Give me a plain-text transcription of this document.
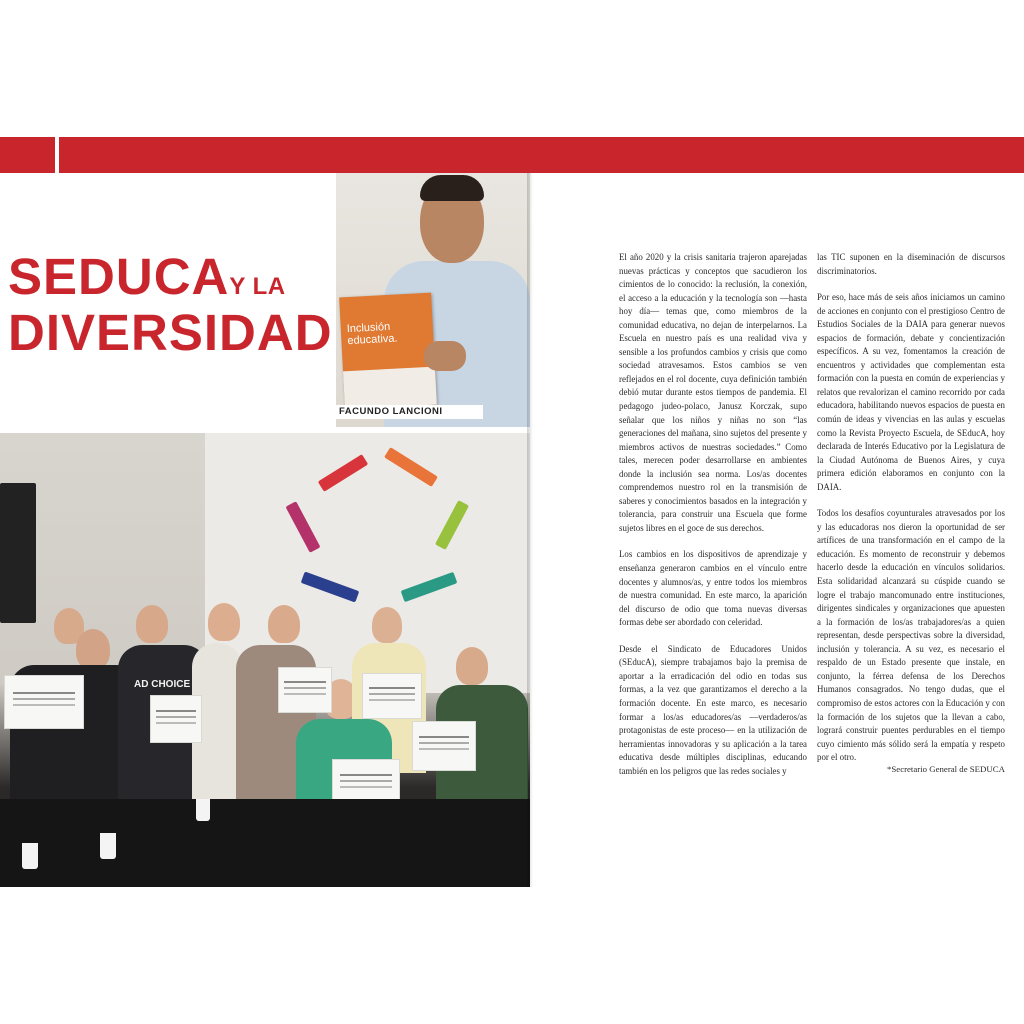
SEDUCAY LA
DIVERSIDAD Inclusión educativa.
FACUNDO LANCIONI
AD CHOICE

El año 2020 y la crisis sanitaria trajeron aparejadas nuevas prácticas y conceptos que sacudieron los cimientos de lo conocido: la reclusión, la conexión, el acceso a la educación y la tecnología son —hasta hoy día— temas que, como miembros de la comunidad educativa, no dejan de interpelarnos. La Escuela en nuestro país es una realidad viva y sensible a los profundos cambios y crisis que como sociedad atravesamos. Estos cambios se ven reflejados en el rol docente, cuya definición también debió mutar durante estos tiempos de pandemia. El pedagogo judeo-polaco, Janusz Korczak, supo señalar que los niños y niñas no son “las generaciones del mañana, sino sujetos del presente y miembros activos de nuestras sociedades.” Como tales, merecen poder desarrollarse en ambientes donde la inclusión sea norma. Los/as docentes comprendemos nuestro rol en la transmisión de saberes y conocimientos basados en la integración y tolerancia, para construir una Escuela que forme sujetos libres en el goce de sus derechos.

Los cambios en los dispositivos de aprendizaje y enseñanza generaron cambios en el vínculo entre docentes y alumnos/as, y entre todos los miembros de nuestra comunidad. En este marco, la aparición del discurso de odio que toma nuevas diversas formas debe ser abordado con celeridad.

Desde el Sindicato de Educadores Unidos (SEducA), siempre trabajamos bajo la premisa de aportar a la erradicación del odio en todas sus formas, a la vez que garantizamos el derecho a la formación docente. En este marco, es necesario formar a los/as educadores/as —verdaderos/as protagonistas de este proceso— en la utilización de herramientas innovadoras y su aplicación a la tarea educativa desde múltiples disciplinas, educando también en los peligros que las redes sociales y

las TIC suponen en la diseminación de discursos discriminatorios.

Por eso, hace más de seis años iniciamos un camino de acciones en conjunto con el prestigioso Centro de Estudios Sociales de la DAIA para generar nuevos espacios de formación, debate y concientización específicos. A su vez, fomentamos la creación de encuentros y actividades que complementan esta formación con la puesta en común de experiencias y relatos que revalorizan el camino recorrido por cada educadora, habilitando nuevos espacios de puesta en común de ideas y vivencias en las aulas y escuelas como la Revista Proyecto Escuela, de SEducA, hoy declarada de Interés Educativo por la Legislatura de la Ciudad Autónoma de Buenos Aires, y cuya primera edición elaboramos en conjunto con la DAIA.

Todos los desafíos coyunturales atravesados por los y las educadoras nos dieron la oportunidad de ser artífices de una transformación en el campo de la educación. Es momento de reconstruir y debemos hacerlo desde la educación en vínculos solidarios. Esta solidaridad alcanzará su cúspide cuando se logre el trabajo mancomunado entre instituciones, dirigentes sindicales y organizaciones que apuesten a la formación de los/as trabajadores/as a quien representan, desde perspectivas sobre la diversidad, inclusión y tolerancia. A su vez, es necesario el respaldo de un Estado presente que instale, en conjunto, la férrea defensa de los Derechos Humanos consagrados. No tengo dudas, que el compromiso de estos actores con la Educación y con la formación de los sujetos que la llevan a cabo, logrará construir puentes perdurables en el tiempo cuyo cimiento más sólido será la empatía y respeto por el otro.

*Secretario General de SEDUCA
